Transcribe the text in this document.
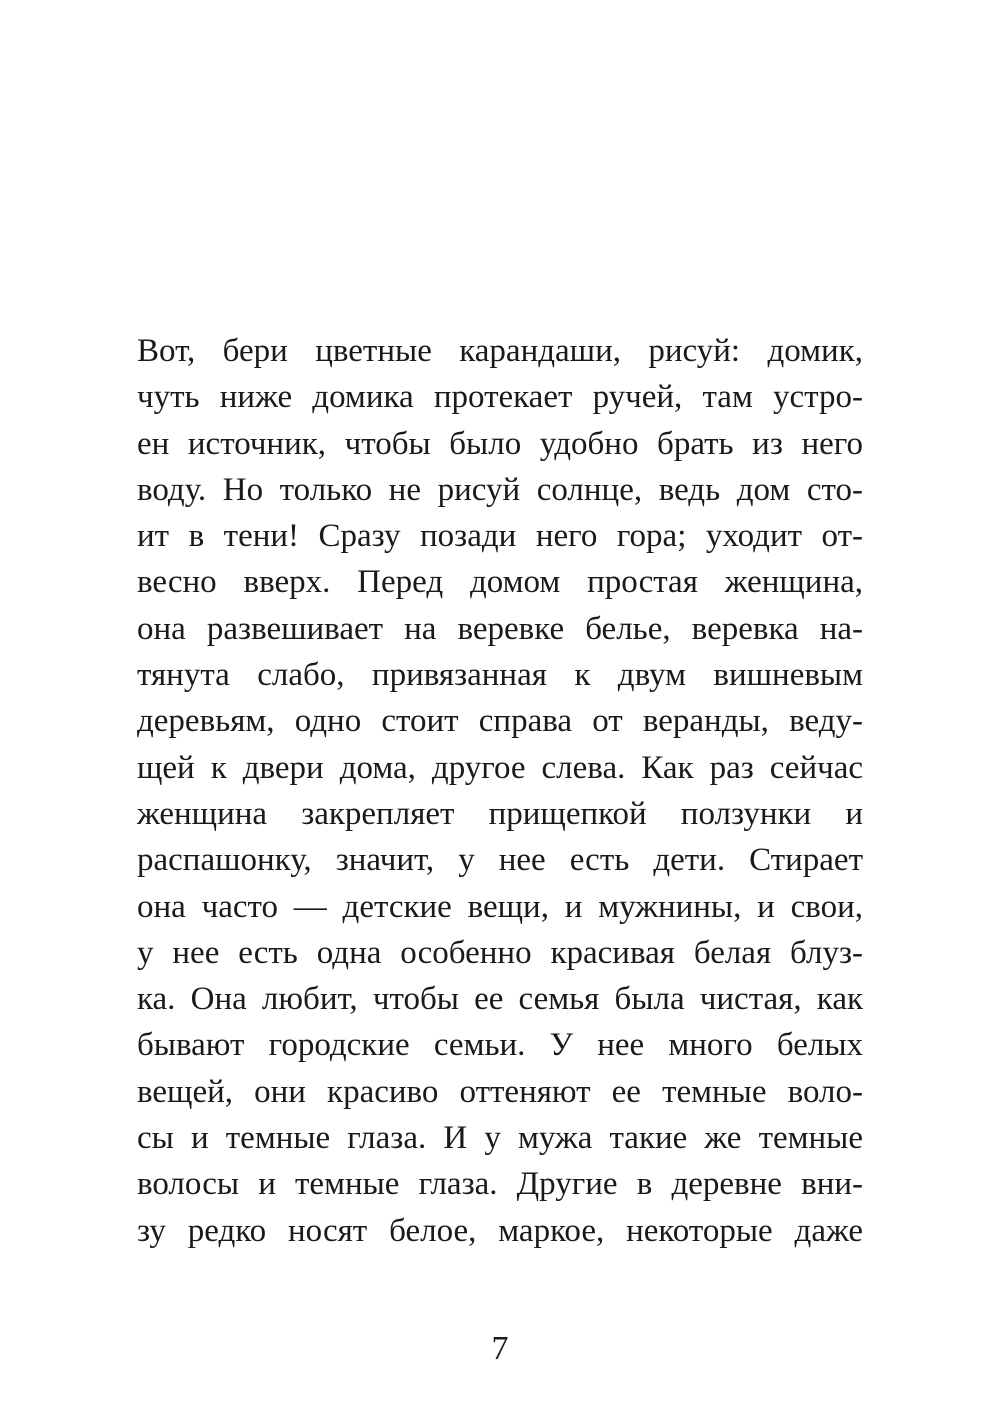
Вот, бери цветные карандаши, рисуй: домик,
чуть ниже домика протекает ручей, там устро-
ен источник, чтобы было удобно брать из него
воду. Но только не рисуй солнце, ведь дом сто-
ит в тени! Сразу позади него гора; уходит от-
весно вверх. Перед домом простая женщина,
она развешивает на веревке белье, веревка на-
тянута слабо, привязанная к двум вишневым
деревьям, одно стоит справа от веранды, веду-
щей к двери дома, другое слева. Как раз сейчас
женщина закрепляет прищепкой ползунки и
распашонку, значит, у нее есть дети. Стирает
она часто — детские вещи, и мужнины, и свои,
у нее есть одна особенно красивая белая блуз-
ка. Она любит, чтобы ее семья была чистая, как
бывают городские семьи. У нее много белых
вещей, они красиво оттеняют ее темные воло-
сы и темные глаза. И у мужа такие же темные
волосы и темные глаза. Другие в деревне вни-
зу редко носят белое, маркое, некоторые даже
7
